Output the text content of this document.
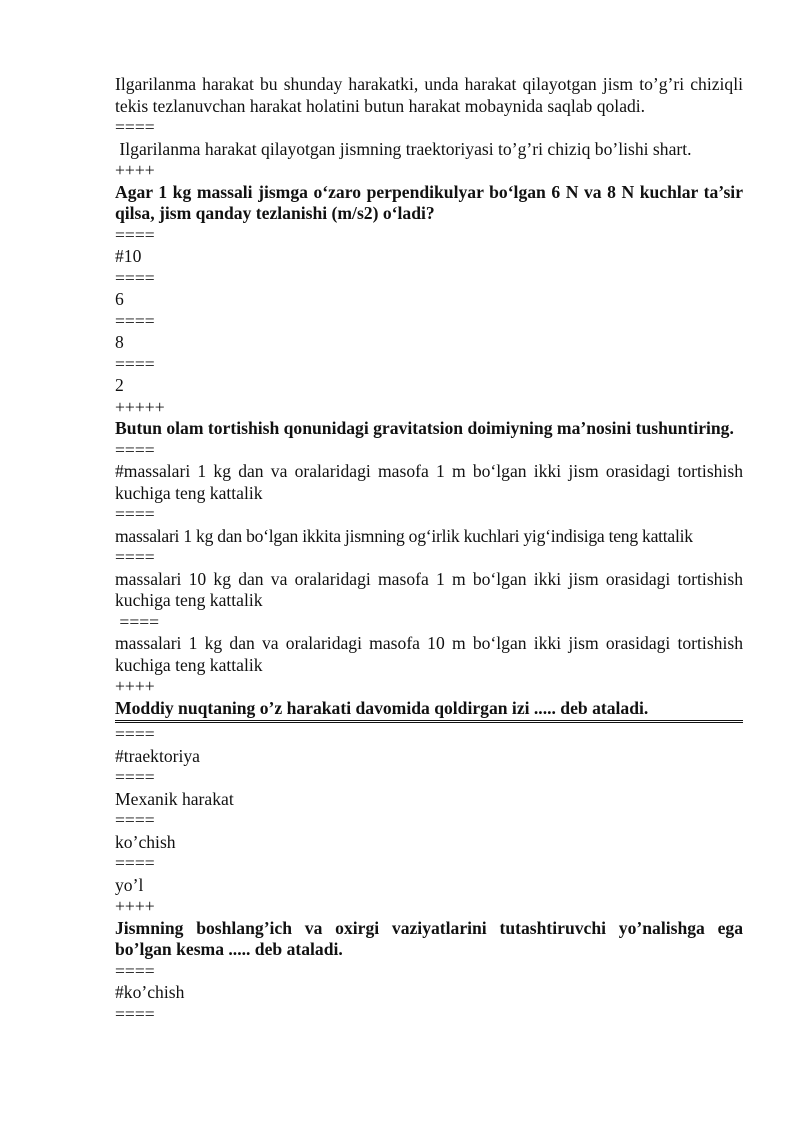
Ilgarilanma harakat bu shunday harakatki, unda harakat qilayotgan jism to’g’ri chiziqli tekis tezlanuvchan harakat holatini butun harakat mobaynida saqlab qoladi.

====

Ilgarilanma harakat qilayotgan jismning traektoriyasi to’g’ri chiziq bo’lishi shart.

++++

Agar 1 kg massali jismga o‘zaro perpendikulyar bo‘lgan 6 N va 8 N kuchlar ta’sir qilsa, jism qanday tezlanishi (m/s2) o‘ladi?

====

#10

====

6

====

8

====

2

+++++

Butun olam tortishish qonunidagi gravitatsion doimiyning ma’nosini tushuntiring.

====

#massalari 1 kg dan va oralaridagi masofa 1 m bo‘lgan ikki jism orasidagi tortishish kuchiga teng kattalik

====

massalari 1 kg dan bo‘lgan ikkita jismning og‘irlik kuchlari yig‘indisiga teng kattalik

====

massalari 10 kg dan va oralaridagi masofa 1 m bo‘lgan ikki jism orasidagi tortishish kuchiga teng kattalik

====

massalari 1 kg dan va oralaridagi masofa 10 m bo‘lgan ikki jism orasidagi tortishish kuchiga teng kattalik

++++

Moddiy nuqtaning o’z harakati davomida qoldirgan izi ..... deb ataladi.

====

#traektoriya

====

Mexanik harakat

====

ko’chish

====

yo’l

++++

Jismning boshlang’ich va oxirgi vaziyatlarini tutashtiruvchi yo’nalishga ega bo’lgan kesma ..... deb ataladi.

====

#ko’chish

====
